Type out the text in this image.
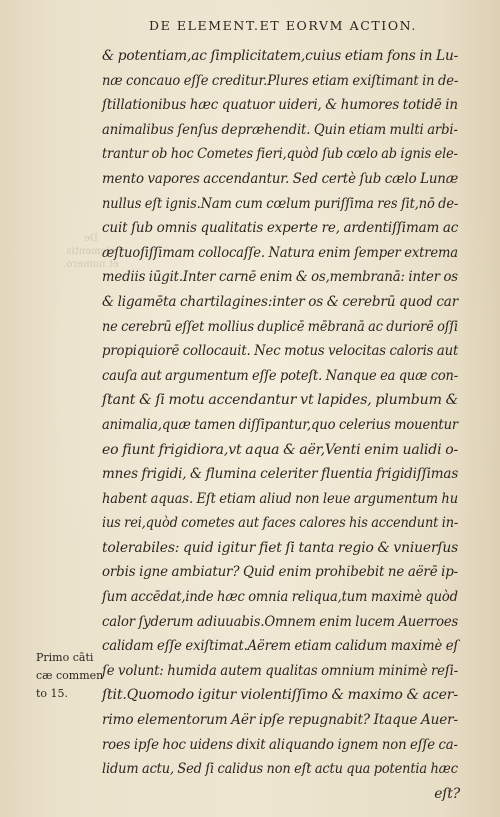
De elementis
et numero.
DE ELEMENT.ET EORVM ACTION.
& potentiam,ac ſimplicitatem,cuius etiam fons in Lu-
næ concauo eſſe creditur.Plures etiam exiſtimant in de-
ſtillationibus hæc quatuor uideri, & humores totidē in
animalibus ſenſus depræhendit. Quin etiam multi arbi-
trantur ob hoc Cometes fieri,quòd ſub cœlo ab ignis ele-
mento vapores accendantur. Sed certè ſub cælo Lunæ
nullus eſt ignis.Nam cum cœlum puriſſima res ſit,nō de-
cuit ſub omnis qualitatis experte re, ardentiſſimam ac
æſtuoſiſſimam collocaſſe. Natura enim ſemper extrema
mediis iūgit.Inter carnē enim & os,membranā: inter os
& ligamēta chartilagines:inter os & cerebrū quod car
ne cerebrū eſſet mollius duplicē mēbranā ac duriorē oſſi
propiquiorē collocauit. Nec motus velocitas caloris aut
cauſa aut argumentum eſſe poteſt. Nanque ea quæ con-
ſtant & ſi motu accendantur vt lapides, plumbum &
animalia,quæ tamen diſſipantur,quo celerius mouentur
eo fiunt frigidiora,vt aqua & aër,Venti enim ualidi o-
mnes frigidi, & flumina celeriter fluentia frigidiſſimas
habent aquas. Eſt etiam aliud non leue argumentum hu
ius rei,quòd cometes aut faces calores his accendunt in-
tolerabiles: quid igitur fiet ſi tanta regio & vniuerſus
orbis igne ambiatur? Quid enim prohibebit ne aërē ip-
ſum accēdat,inde hæc omnia reliqua,tum maximè quòd
calor ſyderum adiuuabis.Omnem enim lucem Auerroes
calidam eſſe exiſtimat.Aërem etiam calidum maximè eſ
ſe volunt: humida autem qualitas omnium minimè reſi-
ſtit.Quomodo igitur violentiſſimo & maximo & acer-
rimo elementorum Aër ipſe repugnabit? Itaque Auer-
roes ipſe hoc uidens dixit aliquando ignem non eſſe ca-
lidum actu, Sed ſi calidus non eſt actu qua potentia hæc
eſt?
Primo cāti
cæ commen
to 15.
